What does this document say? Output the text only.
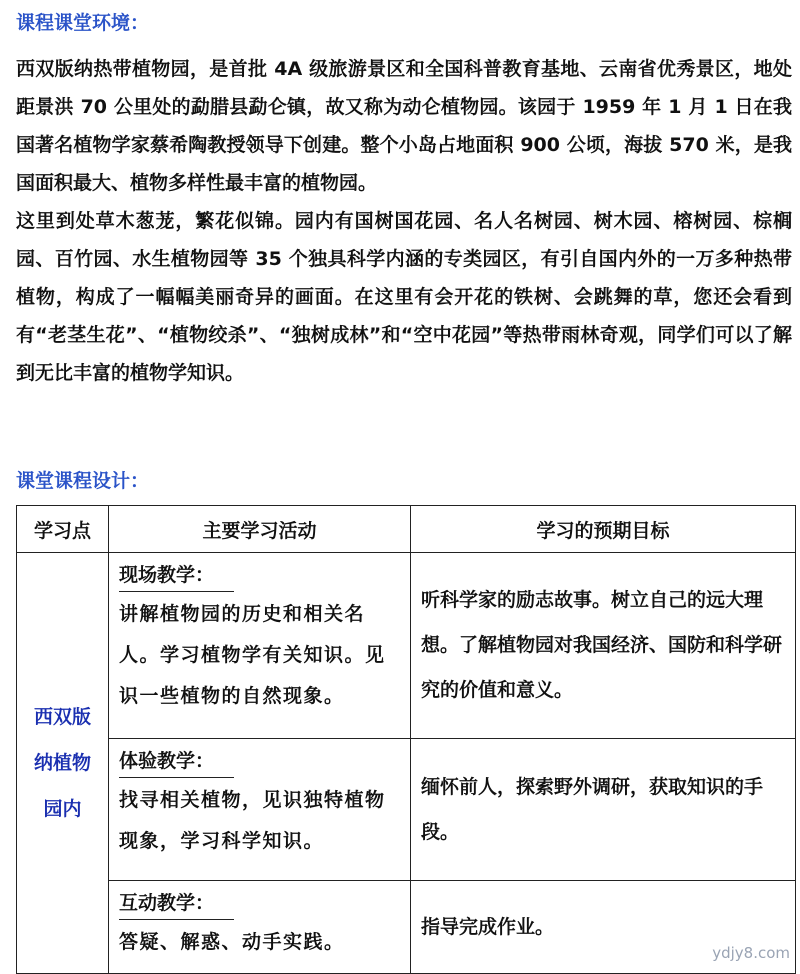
课程课堂环境：

西双版纳热带植物园，是首批 4A 级旅游景区和全国科普教育基地、云南省优秀景区，地处距景洪 70 公里处的勐腊县勐仑镇，故又称为动仑植物园。该园于 1959 年 1 月 1 日在我国著名植物学家蔡希陶教授领导下创建。整个小岛占地面积 900 公顷，海拔 570 米，是我国面积最大、植物多样性最丰富的植物园。

这里到处草木葱茏，繁花似锦。园内有国树国花园、名人名树园、树木园、榕树园、棕榈园、百竹园、水生植物园等 35 个独具科学内涵的专类园区，有引自国内外的一万多种热带植物，构成了一幅幅美丽奇异的画面。在这里有会开花的铁树、会跳舞的草，您还会看到有“老茎生花”、“植物绞杀”、“独树成林”和“空中花园”等热带雨林奇观，同学们可以了解到无比丰富的植物学知识。

课堂课程设计：
学习点	主要学习活动	学习的预期目标

西双版纳植物园内	现场教学：
讲解植物园的历史和相关名人。学习植物学有关知识。见识一些植物的自然现象。	听科学家的励志故事。树立自己的远大理想。了解植物园对我国经济、国防和科学研究的价值和意义。
	体验教学：
找寻相关植物，见识独特植物现象，学习科学知识。	缅怀前人，探索野外调研，获取知识的手段。
	互动教学：
答疑、解惑、动手实践。	指导完成作业。
ydjy8.com
